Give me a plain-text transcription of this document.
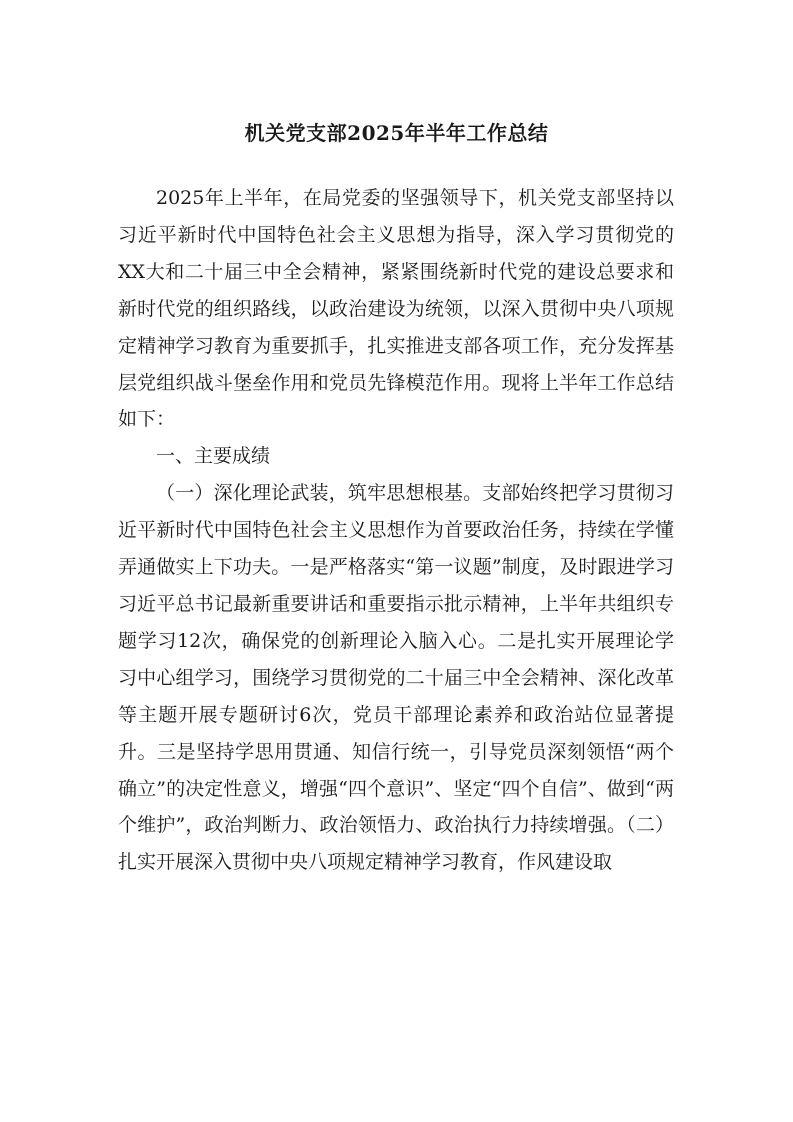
机关党支部2025年半年工作总结

2025年上半年，在局党委的坚强领导下，机关党支部坚持以习近平新时代中国特色社会主义思想为指导，深入学习贯彻党的XX大和二十届三中全会精神，紧紧围绕新时代党的建设总要求和新时代党的组织路线，以政治建设为统领，以深入贯彻中央八项规定精神学习教育为重要抓手，扎实推进支部各项工作，充分发挥基层党组织战斗堡垒作用和党员先锋模范作用。现将上半年工作总结如下：

一、主要成绩

（一）深化理论武装，筑牢思想根基。支部始终把学习贯彻习近平新时代中国特色社会主义思想作为首要政治任务，持续在学懂弄通做实上下功夫。一是严格落实“第一议题”制度，及时跟进学习习近平总书记最新重要讲话和重要指示批示精神，上半年共组织专题学习12次，确保党的创新理论入脑入心。二是扎实开展理论学习中心组学习，围绕学习贯彻党的二十届三中全会精神、深化改革等主题开展专题研讨6次，党员干部理论素养和政治站位显著提升。三是坚持学思用贯通、知信行统一，引导党员深刻领悟“两个确立”的决定性意义，增强“四个意识”、坚定“四个自信”、做到“两个维护”，政治判断力、政治领悟力、政治执行力持续增强。（二）扎实开展深入贯彻中央八项规定精神学习教育，作风建设取
